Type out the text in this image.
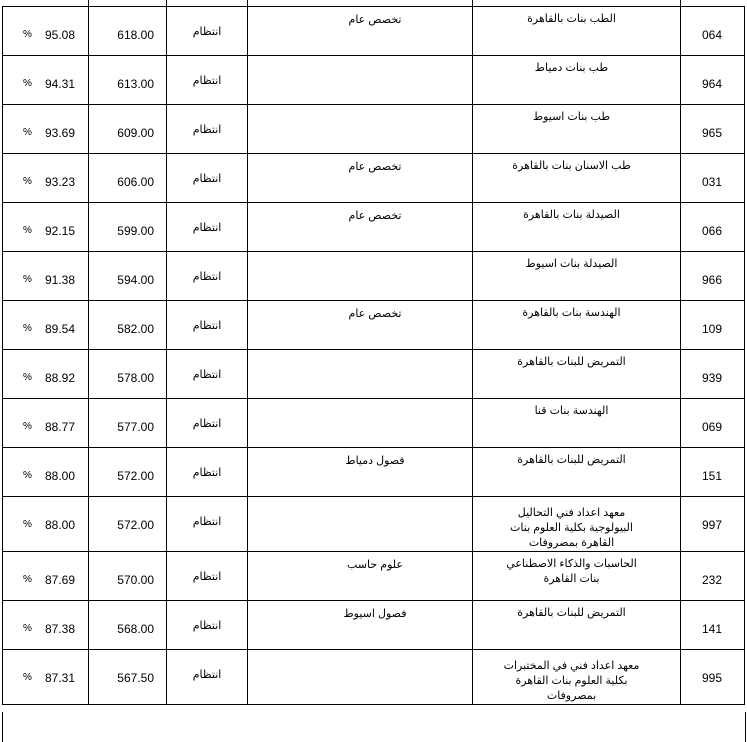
% 95.08	618.00	انتظام	تخصص عام	الطب بنات بالقاهرة	064

% 94.31	613.00	انتظام		طب بنات دمياط	964

% 93.69	609.00	انتظام		طب بنات اسيوط	965

% 93.23	606.00	انتظام	تخصص عام	طب الاسنان بنات بالقاهرة	031

% 92.15	599.00	انتظام	تخصص عام	الصيدلة بنات بالقاهرة	066

% 91.38	594.00	انتظام		الصيدلة بنات اسيوط	966

% 89.54	582.00	انتظام	تخصص عام	الهندسة بنات بالقاهرة	109

% 88.92	578.00	انتظام		التمريض للبنات بالقاهرة	939

% 88.77	577.00	انتظام		الهندسة بنات قنا	069

% 88.00	572.00	انتظام	فصول دمياط	التمريض للبنات بالقاهرة	151

% 88.00	572.00	انتظام		معهد اعداد فني التحاليل البيولوجية بكلية العلوم بنات القاهرة بمصروفات	997

% 87.69	570.00	انتظام	علوم حاسب	الحاسبات والذكاء الاصطناعي بنات القاهرة	232

% 87.38	568.00	انتظام	فصول اسيوط	التمريض للبنات بالقاهرة	141

% 87.31	567.50	انتظام		معهد اعداد فني في المختبرات بكلية العلوم بنات القاهرة بمصروفات	995
